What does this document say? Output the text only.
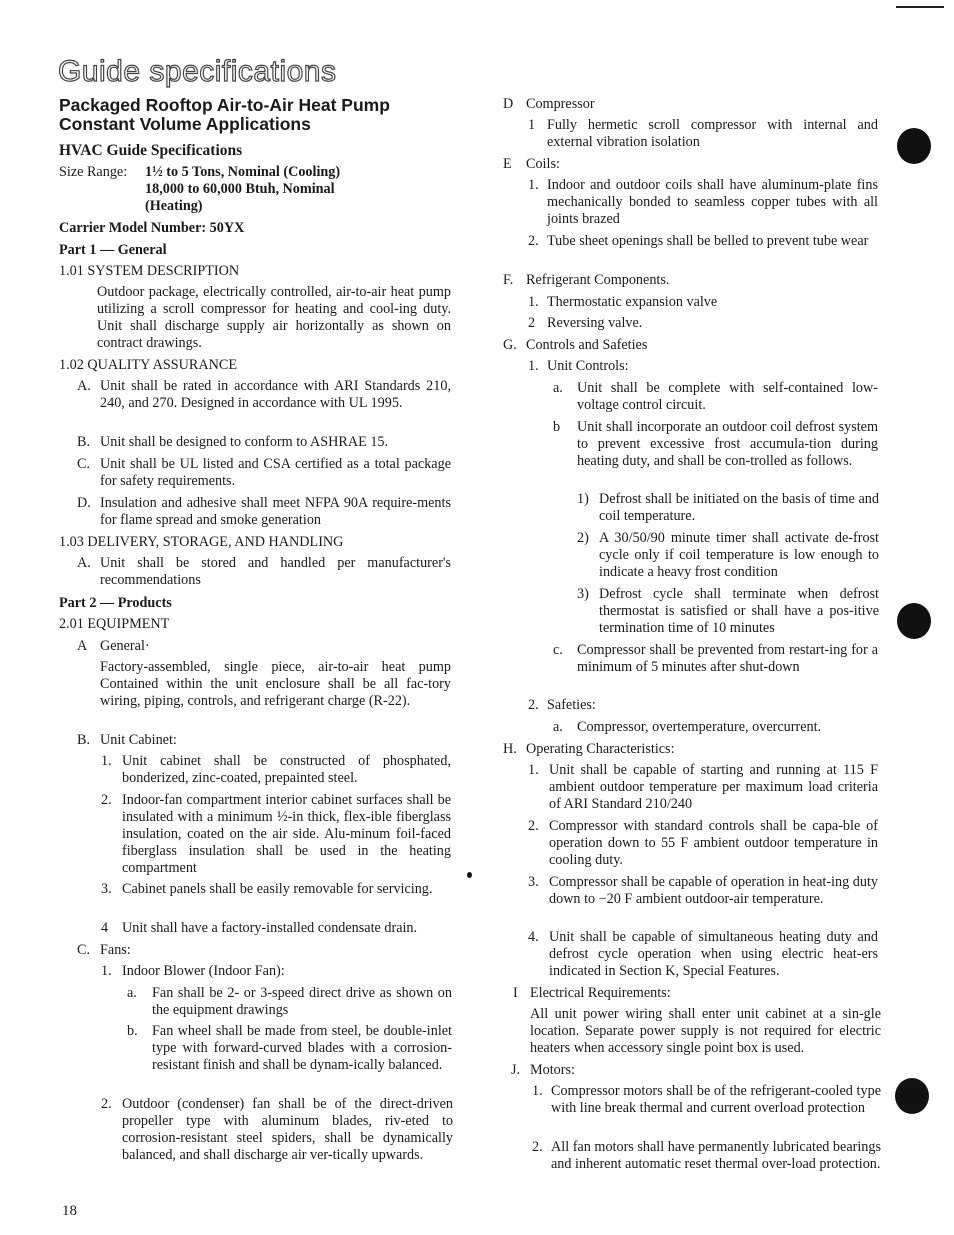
Guide specifications

Packaged Rooftop Air-to-Air Heat Pump

Constant Volume Applications

HVAC Guide Specifications

Size Range: 1½ to 5 Tons, Nominal (Cooling)

18,000 to 60,000 Btuh, Nominal

(Heating)

Carrier Model Number: 50YX

Part 1 — General

1.01 SYSTEM DESCRIPTION

Outdoor package, electrically controlled, air-to-air heat pump utilizing a scroll compressor for heating and cool-ing duty. Unit shall discharge supply air horizontally as shown on contract drawings.

1.02 QUALITY ASSURANCE

A. Unit shall be rated in accordance with ARI Standards 210, 240, and 270. Designed in accordance with UL 1995.

B. Unit shall be designed to conform to ASHRAE 15.

C. Unit shall be UL listed and CSA certified as a total package for safety requirements.

D. Insulation and adhesive shall meet NFPA 90A require-ments for flame spread and smoke generation

1.03 DELIVERY, STORAGE, AND HANDLING

A. Unit shall be stored and handled per manufacturer's recommendations

Part 2 — Products

2.01 EQUIPMENT

A General·

Factory-assembled, single piece, air-to-air heat pump Contained within the unit enclosure shall be all fac-tory wiring, piping, controls, and refrigerant charge (R-22).

B. Unit Cabinet:

1. Unit cabinet shall be constructed of phosphated, bonderized, zinc-coated, prepainted steel.

2. Indoor-fan compartment interior cabinet surfaces shall be insulated with a minimum ½-in thick, flex-ible fiberglass insulation, coated on the air side. Alu-minum foil-faced fiberglass insulation shall be used in the heating compartment

3. Cabinet panels shall be easily removable for servicing.

4 Unit shall have a factory-installed condensate drain.

C. Fans:

1. Indoor Blower (Indoor Fan):

a. Fan shall be 2- or 3-speed direct drive as shown on the equipment drawings

b. Fan wheel shall be made from steel, be double-inlet type with forward-curved blades with a corrosion-resistant finish and shall be dynam-ically balanced.

2. Outdoor (condenser) fan shall be of the direct-driven propeller type with aluminum blades, riv-eted to corrosion-resistant steel spiders, shall be dynamically balanced, and shall discharge air ver-tically upwards.

D Compressor

1 Fully hermetic scroll compressor with internal and external vibration isolation

E Coils:

1. Indoor and outdoor coils shall have aluminum-plate fins mechanically bonded to seamless copper tubes with all joints brazed

2. Tube sheet openings shall be belled to prevent tube wear

F. Refrigerant Components.

1. Thermostatic expansion valve

2 Reversing valve.

G. Controls and Safeties

1. Unit Controls:

a. Unit shall be complete with self-contained low-voltage control circuit.

b Unit shall incorporate an outdoor coil defrost system to prevent excessive frost accumula-tion during heating duty, and shall be con-trolled as follows.

1) Defrost shall be initiated on the basis of time and coil temperature.

2) A 30/50/90 minute timer shall activate de-frost cycle only if coil temperature is low enough to indicate a heavy frost condition

3) Defrost cycle shall terminate when defrost thermostat is satisfied or shall have a pos-itive termination time of 10 minutes

c. Compressor shall be prevented from restart-ing for a minimum of 5 minutes after shut-down

2. Safeties:

a. Compressor, overtemperature, overcurrent.

H. Operating Characteristics:

1. Unit shall be capable of starting and running at 115 F ambient outdoor temperature per maximum load criteria of ARI Standard 210/240

2. Compressor with standard controls shall be capa-ble of operation down to 55 F ambient outdoor temperature in cooling duty.

3. Compressor shall be capable of operation in heat-ing duty down to −20 F ambient outdoor-air temperature.

4. Unit shall be capable of simultaneous heating duty and defrost cycle operation when using electric heat-ers indicated in Section K, Special Features.

I Electrical Requirements:

All unit power wiring shall enter unit cabinet at a sin-gle location. Separate power supply is not required for electric heaters when accessory single point box is used.

J. Motors:

1. Compressor motors shall be of the refrigerant-cooled type with line break thermal and current overload protection

2. All fan motors shall have permanently lubricated bearings and inherent automatic reset thermal over-load protection.

18
